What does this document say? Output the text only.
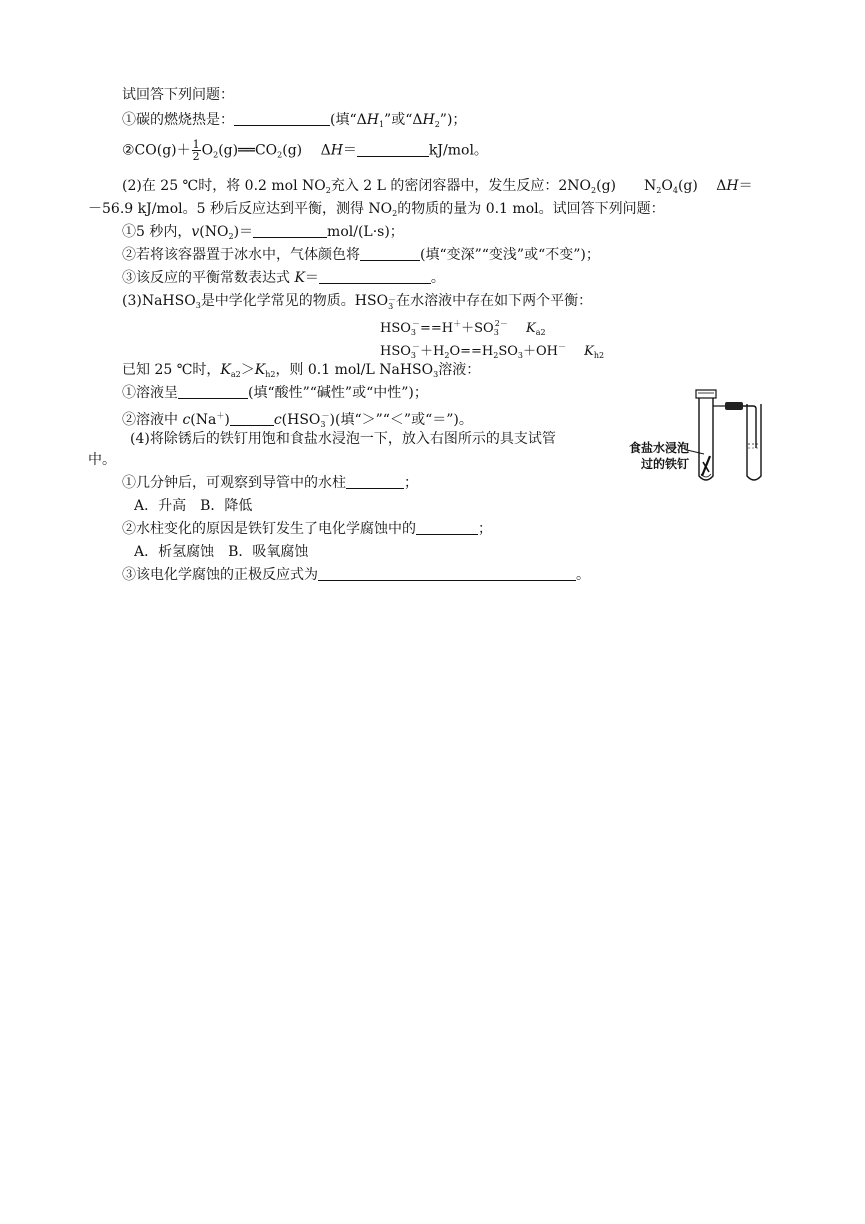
试回答下列问题：
①碳的燃烧热是：	(填“$\Delta H_1$”或“$\Delta H_2$”)；
②CO(g)＋ $\frac{1}{2}$ $O_2(g)══CO_2(g)$　 ΔH＝	kJ/mol。
(2)在 25 ℃时，将 0.2 mol $NO_2$充入 2 L 的密闭容器中，发生反应：$2NO_2(g)$　　$N_2O_4(g)$　 ΔH＝
－56.9 kJ/mol。5 秒后反应达到平衡，测得 $NO_2$的物质的量为 0.1 mol。试回答下列问题：
①5 秒内，$v(NO_2)=$	mol/(L·s)；
②若将该容器置于冰水中，气体颜色将	(填“变深”“变浅”或“不变”)；
③该反应的平衡常数表达式 K＝	。
(3)NaHSO$_3$是中学化学常见的物质。HSO －
3 在水溶液中存在如下两个平衡：
$HSO_3^-==H^++SO_3^{2-}$ $K_{a2}$
$HSO_3^-+H_2O==H_2SO_3+OH^-$ $K_{h2}$
已知 25 ℃时，$K_{a2}>K_{h2}$，则 0.1 mol/L NaHSO$_3$溶液：
①溶液呈	(填“酸性”“碱性”或“中性”)；
②溶液中 c(Na＋)	$c(HSO_3^-)$(填“＞”“＜”或“＝”)。
(4)将除锈后的铁钉用饱和食盐水浸泡一下，放入右图所示的具支试管
中。
①几分钟后，可观察到导管中的水柱	；
A．升高　B．降低
②水柱变化的原因是铁钉发生了电化学腐蚀中的	；
A．析氢腐蚀　B．吸氧腐蚀
③该电化学腐蚀的正极反应式为	。
食盐水浸泡
过的铁钉
